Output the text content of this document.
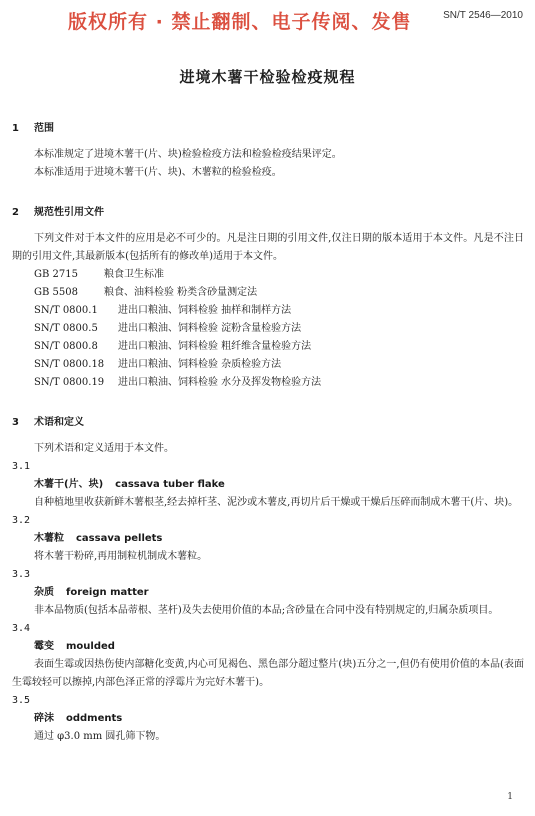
版权所有 · 禁止翻制、电子传阅、发售	SN/T 2546—2010
进境木薯干检验检疫规程
1 范围
本标准规定了进境木薯干(片、块)检验检疫方法和检验检疫结果评定。
本标准适用于进境木薯干(片、块)、木薯粒的检验检疫。
2 规范性引用文件
下列文件对于本文件的应用是必不可少的。凡是注日期的引用文件,仅注日期的版本适用于本文件。凡是不注日期的引用文件,其最新版本(包括所有的修改单)适用于本文件。
GB 2715	粮食卫生标准
GB 5508	粮食、油料检验 粉类含砂量测定法
SN/T 0800.1 进出口粮油、饲料检验 抽样和制样方法
SN/T 0800.5 进出口粮油、饲料检验 淀粉含量检验方法
SN/T 0800.8 进出口粮油、饲料检验 粗纤维含量检验方法
SN/T 0800.18 进出口粮油、饲料检验 杂质检验方法
SN/T 0800.19 进出口粮油、饲料检验 水分及挥发物检验方法
3 术语和定义
下列术语和定义适用于本文件。
3.1
木薯干(片、块) cassava tuber flake
自种植地里收获新鲜木薯根茎,经去掉杆茎、泥沙或木薯皮,再切片后干燥或干燥后压碎而制成木薯干(片、块)。
3.2
木薯粒 cassava pellets
将木薯干粉碎,再用制粒机制成木薯粒。
3.3
杂质 foreign matter
非本品物质(包括本品蒂根、茎杆)及失去使用价值的本品;含砂量在合同中没有特别规定的,归属杂质项目。
3.4
霉变 moulded
表面生霉或因热伤使内部糖化变黄,内心可见褐色、黑色部分超过整片(块)五分之一,但仍有使用价值的本品(表面生霉较轻可以擦掉,内部色泽正常的浮霉片为完好木薯干)。
3.5
碎沫 oddments
通过 φ3.0 mm 圆孔筛下物。
1
